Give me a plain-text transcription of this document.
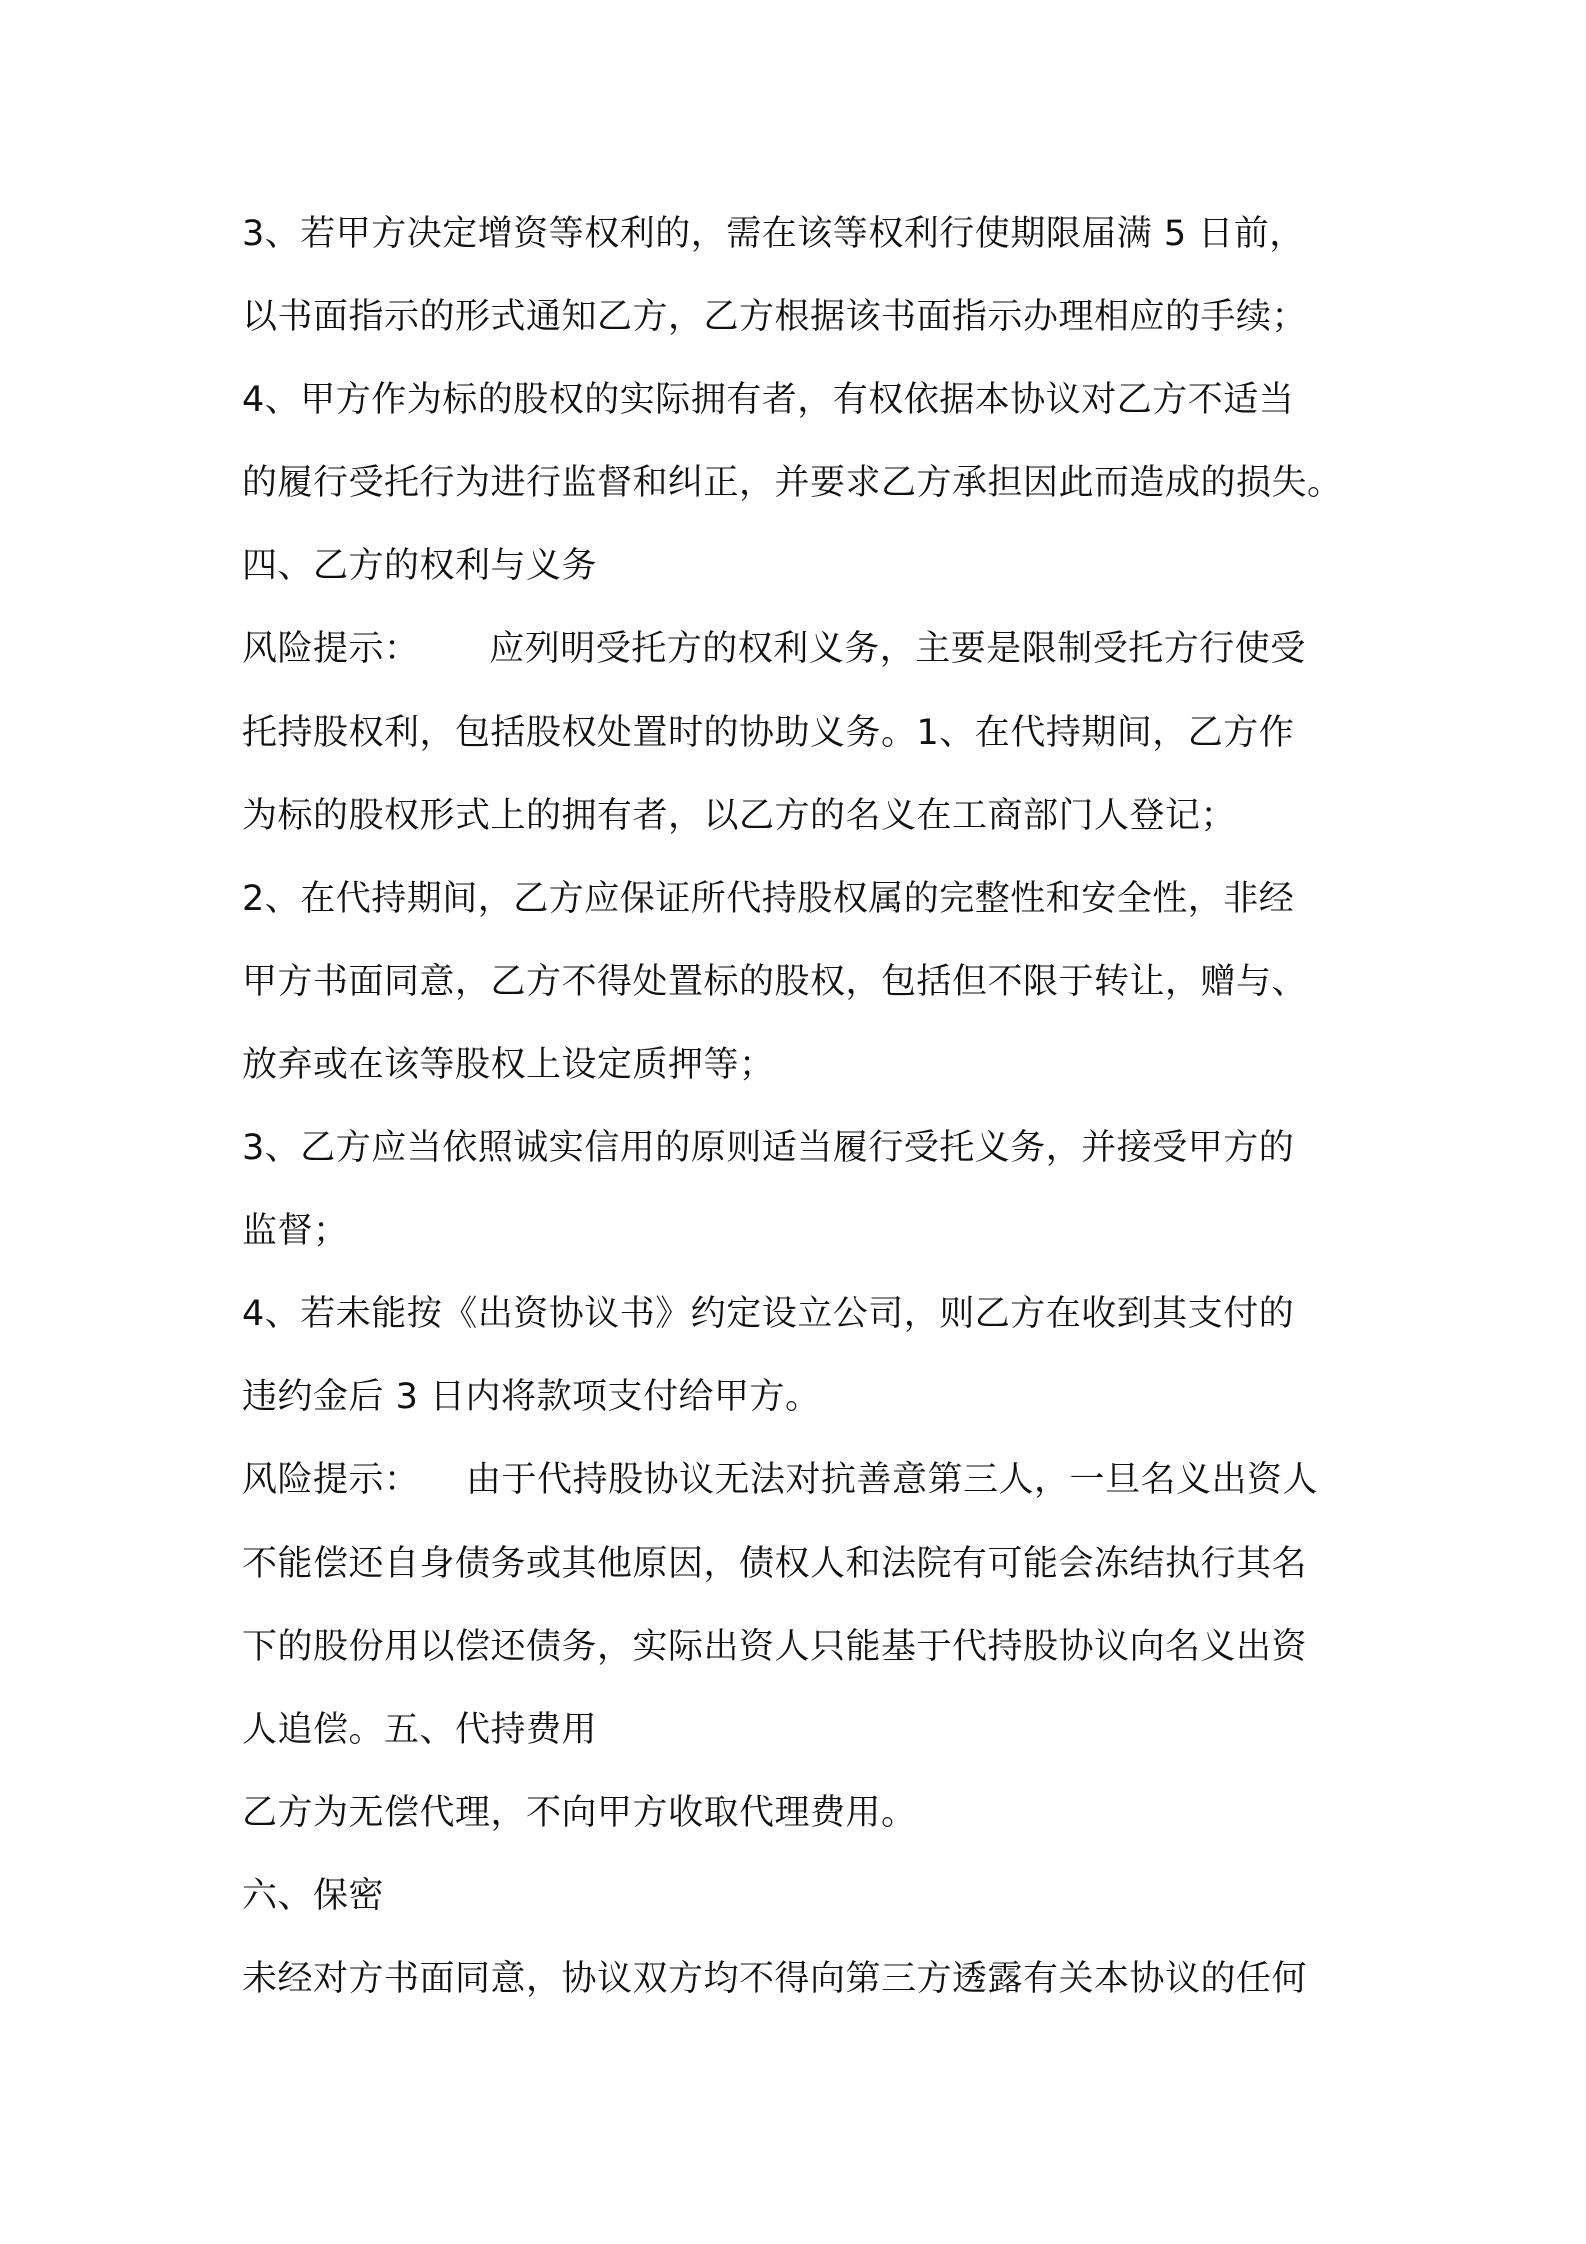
3、若甲方决定增资等权利的，需在该等权利行使期限届满 5 日前，
以书面指示的形式通知乙方，乙方根据该书面指示办理相应的手续；
4、甲方作为标的股权的实际拥有者，有权依据本协议对乙方不适当
的履行受托行为进行监督和纠正，并要求乙方承担因此而造成的损失。
四、乙方的权利与义务
风险提示：      应列明受托方的权利义务，主要是限制受托方行使受
托持股权利，包括股权处置时的协助义务。1、在代持期间，乙方作
为标的股权形式上的拥有者，以乙方的名义在工商部门人登记；
2、在代持期间，乙方应保证所代持股权属的完整性和安全性，非经
甲方书面同意，乙方不得处置标的股权，包括但不限于转让，赠与、
放弃或在该等股权上设定质押等；
3、乙方应当依照诚实信用的原则适当履行受托义务，并接受甲方的
监督；
4、若未能按《出资协议书》约定设立公司，则乙方在收到其支付的
违约金后 3 日内将款项支付给甲方。
风险提示：    由于代持股协议无法对抗善意第三人，一旦名义出资人
不能偿还自身债务或其他原因，债权人和法院有可能会冻结执行其名
下的股份用以偿还债务，实际出资人只能基于代持股协议向名义出资
人追偿。五、代持费用
乙方为无偿代理，不向甲方收取代理费用。
六、保密
未经对方书面同意，协议双方均不得向第三方透露有关本协议的任何
